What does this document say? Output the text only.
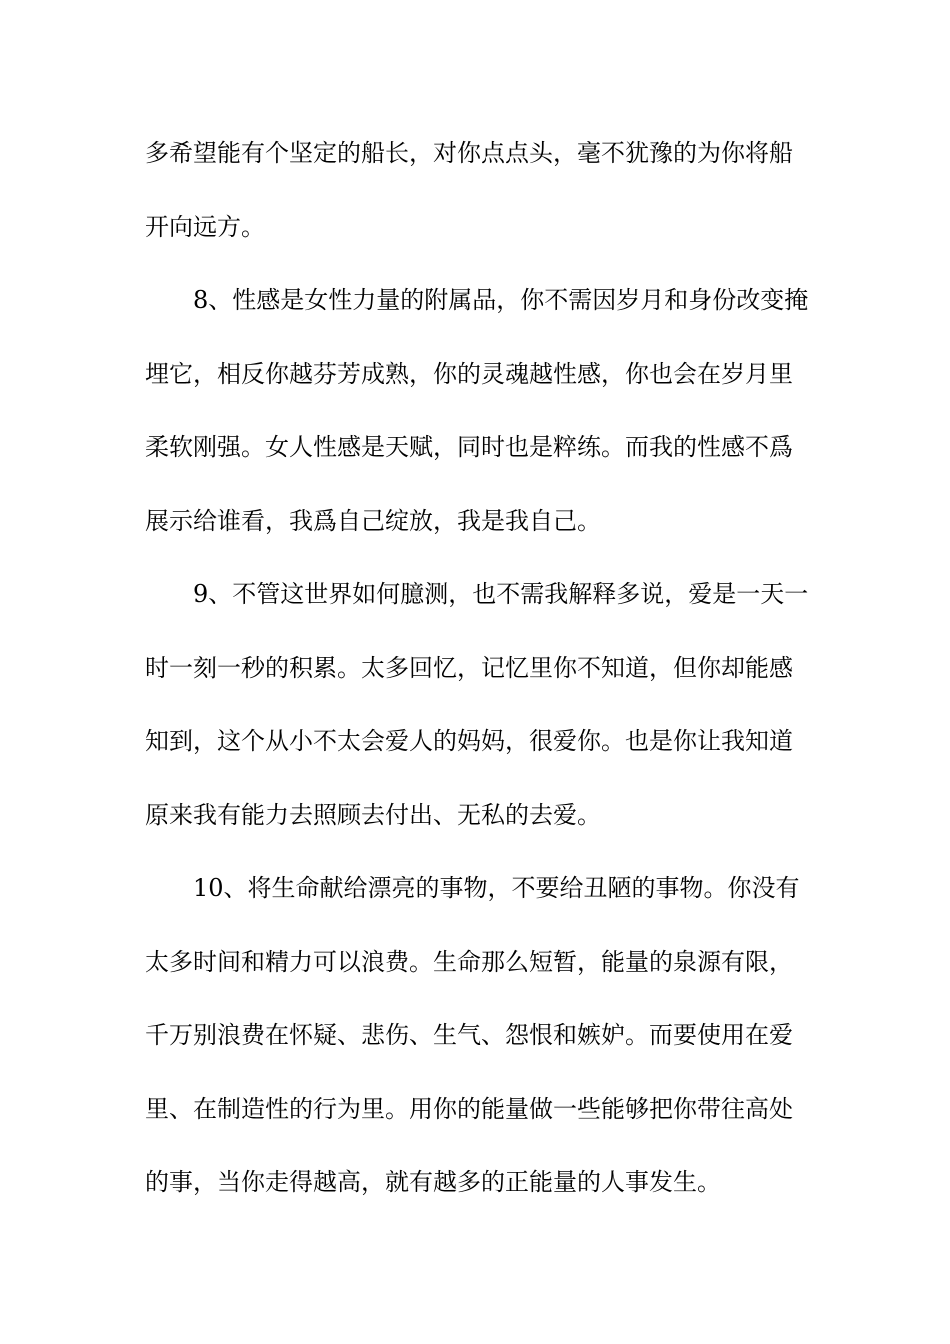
多希望能有个坚定的船长，对你点点头，毫不犹豫的为你将船
开向远方。
　　8、性感是女性力量的附属品，你不需因岁月和身份改变掩
埋它，相反你越芬芳成熟，你的灵魂越性感，你也会在岁月里
柔软刚强。女人性感是天赋，同时也是粹练。而我的性感不爲
展示给谁看，我爲自己绽放，我是我自己。
　　9、不管这世界如何臆测，也不需我解释多说，爱是一天一
时一刻一秒的积累。太多回忆，记忆里你不知道，但你却能感
知到，这个从小不太会爱人的妈妈，很爱你。也是你让我知道
原来我有能力去照顾去付出、无私的去爱。
　　10、将生命献给漂亮的事物，不要给丑陋的事物。你没有
太多时间和精力可以浪费。生命那么短暂，能量的泉源有限，
千万别浪费在怀疑、悲伤、生气、怨恨和嫉妒。而要使用在爱
里、在制造性的行为里。用你的能量做一些能够把你带往高处
的事，当你走得越高，就有越多的正能量的人事发生。
